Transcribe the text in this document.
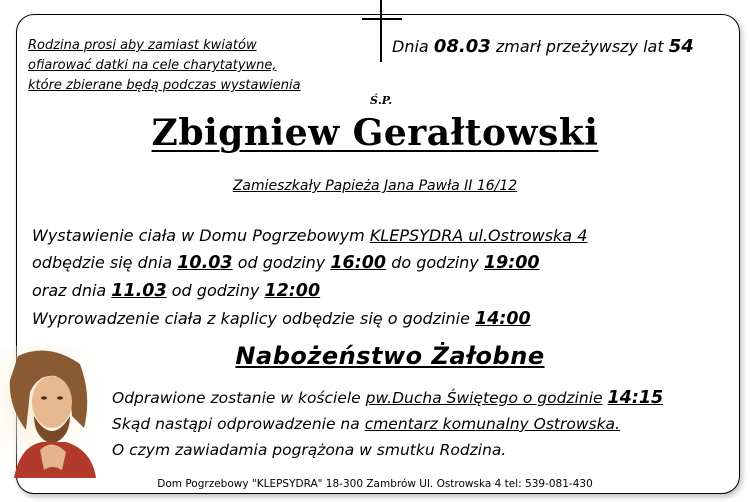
Rodzina prosi aby zamiast kwiatów
ofiarować datki na cele charytatywne,
które zbierane będą podczas wystawienia
Dnia 08.03 zmarł przeżywszy lat 54
Ś.P.
Zbigniew Gerałtowski
Zamieszkały Papieża Jana Pawła II 16/12
Wystawienie ciała w Domu Pogrzebowym KLEPSYDRA ul.Ostrowska 4
odbędzie się dnia 10.03 od godziny 16:00 do godziny 19:00
oraz dnia 11.03 od godziny 12:00
Wyprowadzenie ciała z kaplicy odbędzie się o godzinie 14:00
Nabożeństwo Żałobne
Odprawione zostanie w kościele pw.Ducha Świętego o godzinie 14:15
Skąd nastąpi odprowadzenie na cmentarz komunalny Ostrowska.
O czym zawiadamia pogrążona w smutku Rodzina.
Dom Pogrzebowy "KLEPSYDRA" 18-300 Zambrów Ul. Ostrowska 4 tel: 539-081-430
